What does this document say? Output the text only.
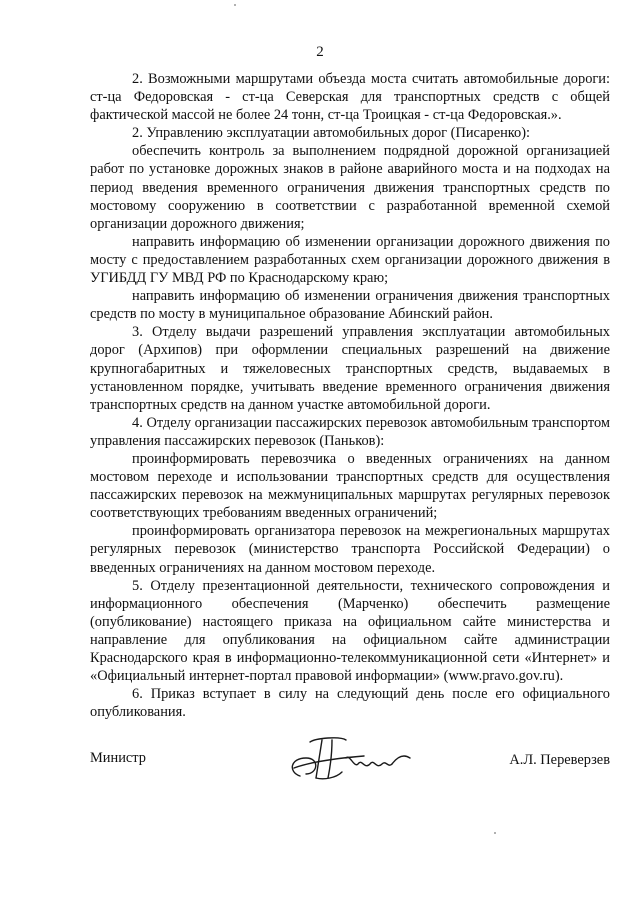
2

2. Возможными маршрутами объезда моста считать автомобильные дороги: ст-ца Федоровская - ст-ца Северская для транспортных средств с общей фактической массой не более 24 тонн, ст-ца Троицкая - ст-ца Федоровская.».

2. Управлению эксплуатации автомобильных дорог (Писаренко):

обеспечить контроль за выполнением подрядной дорожной организацией работ по установке дорожных знаков в районе аварийного моста и на подходах на период введения временного ограничения движения транспортных средств по мостовому сооружению в соответствии с разработанной временной схемой организации дорожного движения;

направить информацию об изменении организации дорожного движения по мосту с предоставлением разработанных схем организации дорожного движения в УГИБДД ГУ МВД РФ по Краснодарскому краю;

направить информацию об изменении ограничения движения транспортных средств по мосту в муниципальное образование Абинский район.

3. Отделу выдачи разрешений управления эксплуатации автомобильных дорог (Архипов) при оформлении специальных разрешений на движение крупногабаритных и тяжеловесных транспортных средств, выдаваемых в установленном порядке, учитывать введение временного ограничения движения транспортных средств на данном участке автомобильной дороги.

4. Отделу организации пассажирских перевозок автомобильным транспортом управления пассажирских перевозок (Паньков):

проинформировать перевозчика о введенных ограничениях на данном мостовом переходе и использовании транспортных средств для осуществления пассажирских перевозок на межмуниципальных маршрутах регулярных перевозок соответствующих требованиям введенных ограничений;

проинформировать организатора перевозок на межрегиональных маршрутах регулярных перевозок (министерство транспорта Российской Федерации) о введенных ограничениях на данном мостовом переходе.

5. Отделу презентационной деятельности, технического сопровождения и информационного обеспечения (Марченко) обеспечить размещение (опубликование) настоящего приказа на официальном сайте министерства и направление для опубликования на официальном сайте администрации Краснодарского края в информационно-телекоммуникационной сети «Интернет» и «Официальный интернет-портал правовой информации» (www.pravo.gov.ru).

6. Приказ вступает в силу на следующий день после его официального опубликования.

Министр	А.Л. Переверзев
